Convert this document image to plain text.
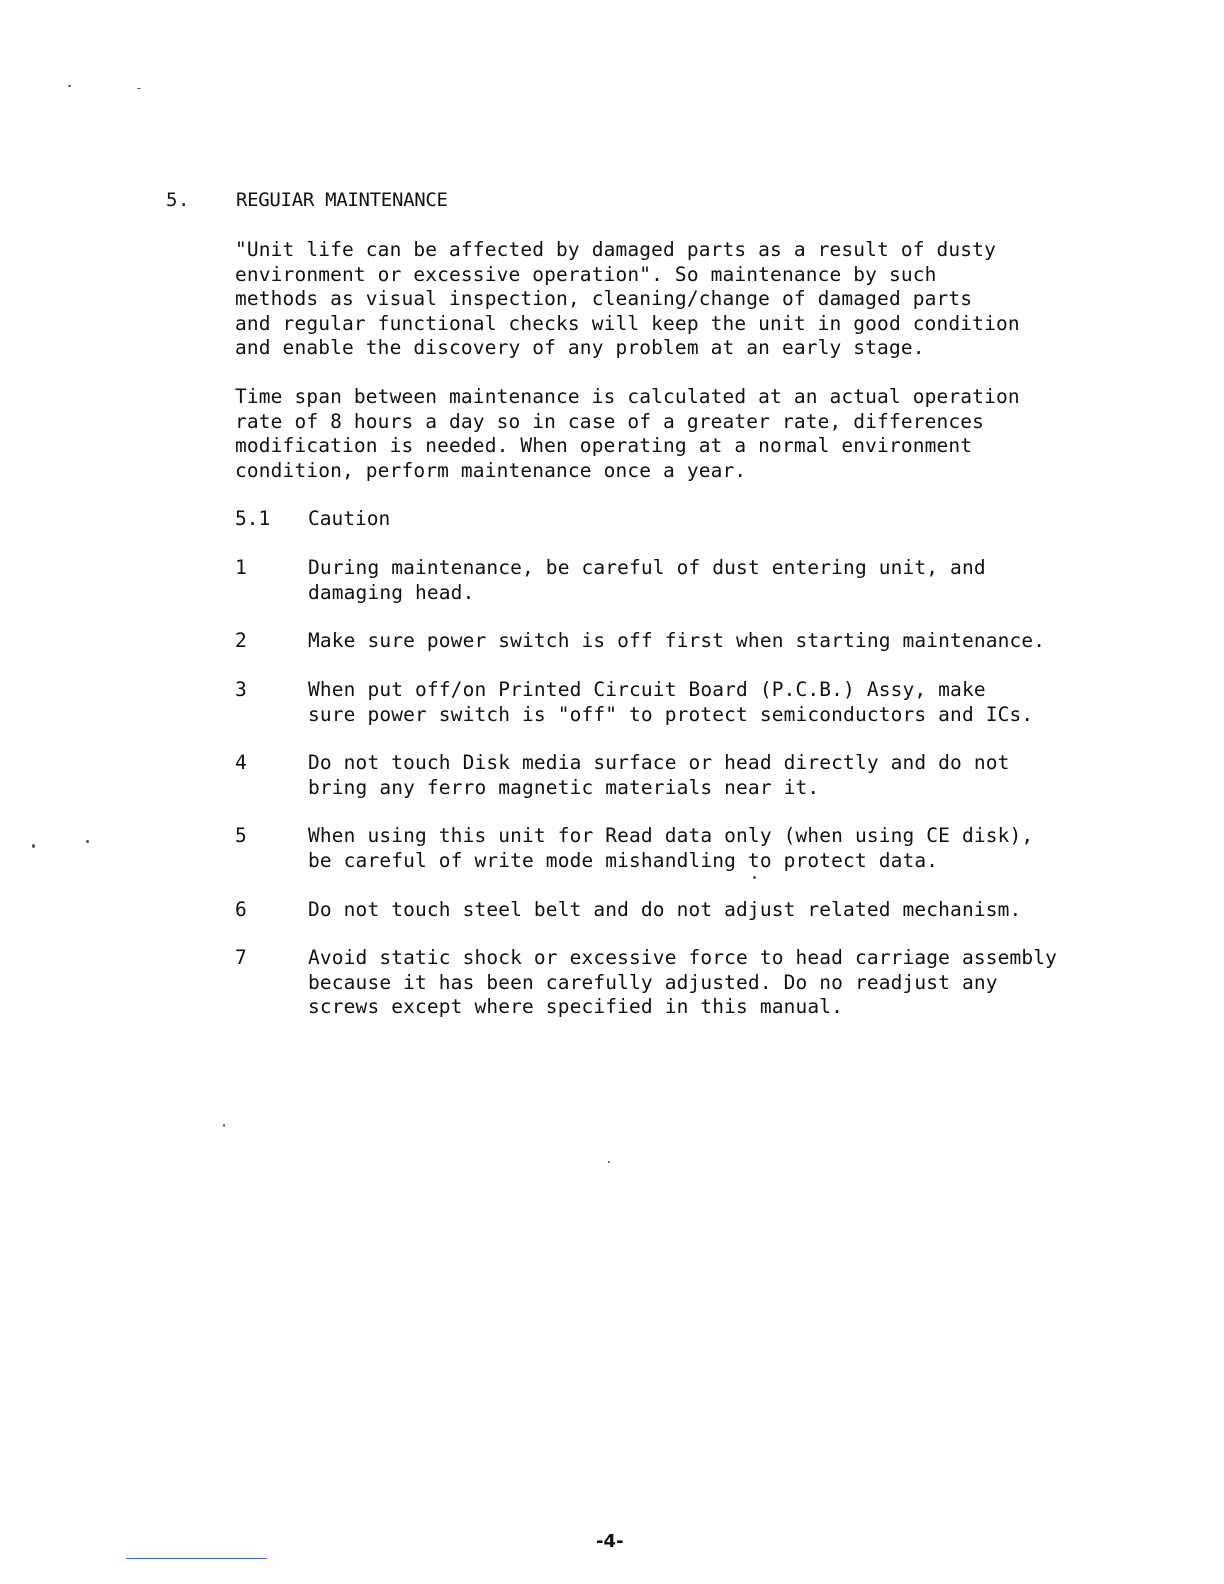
5. REGUIAR MAINTENANCE

"Unit life can be affected by damaged parts as a result of dusty
environment or excessive operation". So maintenance by such
methods as visual inspection, cleaning/change of damaged parts
and regular functional checks will keep the unit in good condition
and enable the discovery of any problem at an early stage.

Time span between maintenance is calculated at an actual operation
rate of 8 hours a day so in case of a greater rate, differences
modification is needed. When operating at a normal environment
condition, perform maintenance once a year.

5.1 Caution
1	During maintenance, be careful of dust entering unit, and
damaging head.
2	Make sure power switch is off first when starting maintenance.
3	When put off/on Printed Circuit Board (P.C.B.) Assy, make
sure power switch is "off" to protect semiconductors and ICs.
4	Do not touch Disk media surface or head directly and do not
bring any ferro magnetic materials near it.
5	When using this unit for Read data only (when using CE disk),
be careful of write mode mishandling to protect data.
6	Do not touch steel belt and do not adjust related mechanism.
7	Avoid static shock or excessive force to head carriage assembly
because it has been carefully adjusted. Do no readjust any
screws except where specified in this manual.
-4-
